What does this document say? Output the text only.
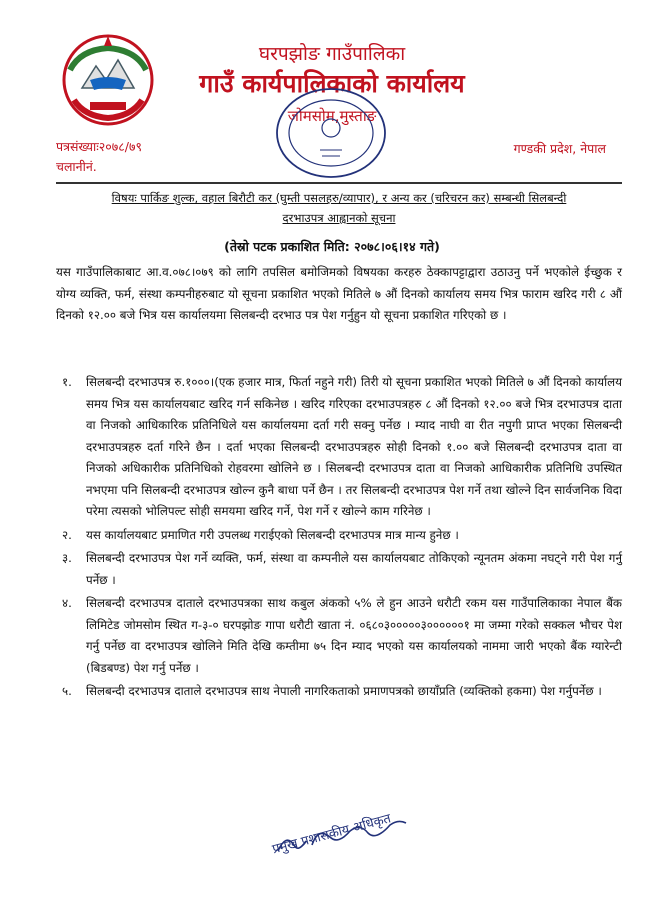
घरपझोङ गाउँपालिका
गाउँ कार्यपालिकाको कार्यालय
जोमसोम,मुस्ताङ
पत्रसंख्याः२०७८/७९
चलानीनं.
गण्डकी प्रदेश, नेपाल
विषयः पार्किङ शुल्क, वहाल बिरौटी कर (घुम्ती पसलहरु/व्यापार), र अन्य कर (चरिचरन कर) सम्बन्धी सिलबन्दी
दरभाउपत्र आह्वानको सूचना
(तेस्रो पटक प्रकाशित मिति: २०७८।०६।१४ गते)
यस गाउँपालिकाबाट आ.व.०७८।०७९ को लागि तपसिल बमोजिमको विषयका करहरु ठेक्कापट्टाद्वारा उठाउनु पर्ने भएकोले ईच्छुक र योग्य व्यक्ति, फर्म, संस्था कम्पनीहरुबाट यो सूचना प्रकाशित भएको मितिले ७ औं दिनको कार्यालय समय भित्र फाराम खरिद गरी ८ औं दिनको १२.०० बजे भित्र यस कार्यालयमा सिलबन्दी दरभाउ पत्र पेश गर्नुहुन यो सूचना प्रकाशित गरिएको छ ।
१. सिलबन्दी दरभाउपत्र रु.१०००।(एक हजार मात्र, फिर्ता नहुने गरी) तिरी यो सूचना प्रकाशित भएको मितिले ७ औं दिनको कार्यालय समय भित्र यस कार्यालयबाट खरिद गर्न सकिनेछ । खरिद गरिएका दरभाउपत्रहरु ८ औं दिनको १२.०० बजे भित्र दरभाउपत्र दाता वा निजको आधिकारिक प्रतिनिधिले यस कार्यालयमा दर्ता गरी सक्नु पर्नेछ । म्याद नाघी वा रीत नपुगी प्राप्त भएका सिलबन्दी दरभाउपत्रहरु दर्ता गरिने छैन । दर्ता भएका सिलबन्दी दरभाउपत्रहरु सोही दिनको १.०० बजे सिलबन्दी दरभाउपत्र दाता वा निजको अधिकारीक प्रतिनिधिको रोहवरमा खोलिने छ । सिलबन्दी दरभाउपत्र दाता वा निजको आधिकारीक प्रतिनिधि उपस्थित नभएमा पनि सिलबन्दी दरभाउपत्र खोल्न कुनै बाधा पर्ने छैन । तर सिलबन्दी दरभाउपत्र पेश गर्ने तथा खोल्ने दिन सार्वजनिक विदा परेमा त्यसको भोलिपल्ट सोही समयमा खरिद गर्ने, पेश गर्ने र खोल्ने काम गरिनेछ ।
२. यस कार्यालयबाट प्रमाणित गरी उपलब्ध गराईएको सिलबन्दी दरभाउपत्र मात्र मान्य हुनेछ ।
३. सिलबन्दी दरभाउपत्र पेश गर्ने व्यक्ति, फर्म, संस्था वा कम्पनीले यस कार्यालयबाट तोकिएको न्यूनतम अंकमा नघट्ने गरी पेश गर्नु पर्नेछ ।
४. सिलबन्दी दरभाउपत्र दाताले दरभाउपत्रका साथ कबुल अंकको ५% ले हुन आउने धरौटी रकम यस गाउँपालिकाका नेपाल बैंक लिमिटेड जोमसोम स्थित ग-३-० घरपझोङ गापा धरौटी खाता नं. ०६८०३०००००३००००००१ मा जम्मा गरेको सक्कल भौचर पेश गर्नु पर्नेछ वा दरभाउपत्र खोलिने मिति देखि कम्तीमा ७५ दिन म्याद भएको यस कार्यालयको नाममा जारी भएको बैंक ग्यारेन्टी (बिडबण्ड) पेश गर्नु पर्नेछ ।
५. सिलबन्दी दरभाउपत्र दाताले दरभाउपत्र साथ नेपाली नागरिकताको प्रमाणपत्रको छायाँप्रति (व्यक्तिको हकमा) पेश गर्नुपर्नेछ ।
प्रमुख प्रशासकीय अधिकृत
